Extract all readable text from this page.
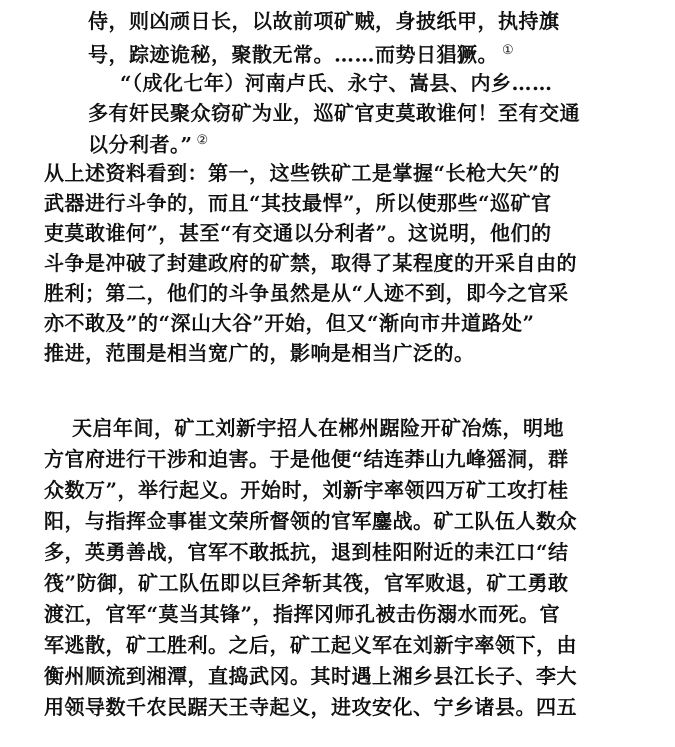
侍，则凶顽日长，以故前项矿贼，身披纸甲，执持旗
号，踪迹诡秘，聚散无常。……而势日猖獗。 ①
“（成化七年）河南卢氏、永宁、嵩县、内乡……
多有奸民聚众窃矿为业，巡矿官吏莫敢谁何！至有交通
以分利者。” ②
从上述资料看到：第一，这些铁矿工是掌握“长枪大矢”的
武器进行斗争的，而且“其技最悍”，所以使那些“巡矿官
吏莫敢谁何”，甚至“有交通以分利者”。这说明，他们的
斗争是冲破了封建政府的矿禁，取得了某程度的开采自由的
胜利；第二，他们的斗争虽然是从“人迹不到，即今之官采
亦不敢及”的“深山大谷”开始，但又“渐向市井道路处”
推进，范围是相当宽广的，影响是相当广泛的。
天启年间，矿工刘新宇招人在郴州踞险开矿冶炼，明地
方官府进行干涉和迫害。于是他便“结连莽山九峰猺洞，群
众数万”，举行起义。开始时，刘新宇率领四万矿工攻打桂
阳，与指挥佥事崔文荣所督领的官军鏖战。矿工队伍人数众
多，英勇善战，官军不敢抵抗，退到桂阳附近的耒江口“结
筏”防御，矿工队伍即以巨斧斩其筏，官军败退，矿工勇敢
渡江，官军“莫当其锋”，指挥冈师孔被击伤溺水而死。官
军逃散，矿工胜利。之后，矿工起义军在刘新宇率领下，由
衡州顺流到湘潭，直捣武冈。其时遇上湘乡县江长子、李大
用领导数千农民踞天王寺起义，进攻安化、宁乡诸县。四五
